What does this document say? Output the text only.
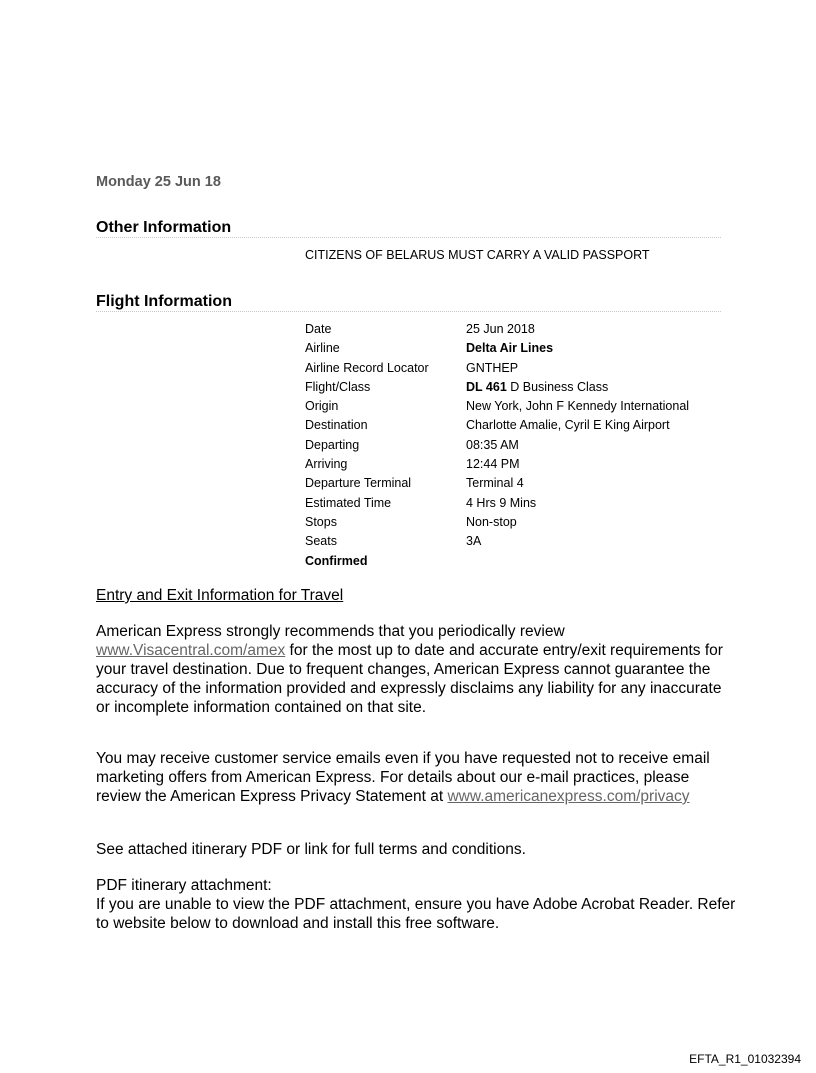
Monday 25 Jun 18
Other Information
CITIZENS OF BELARUS MUST CARRY A VALID PASSPORT
Flight Information
Date	25 Jun 2018
Airline	Delta Air Lines
Airline Record Locator	GNTHEP
Flight/Class	DL 461 D Business Class
Origin	New York, John F Kennedy International
Destination	Charlotte Amalie, Cyril E King Airport
Departing	08:35 AM
Arriving	12:44 PM
Departure Terminal	Terminal 4
Estimated Time	4 Hrs 9 Mins
Stops	Non-stop
Seats	3A
Confirmed
Entry and Exit Information for Travel

American Express strongly recommends that you periodically review www.Visacentral.com/amex for the most up to date and accurate entry/exit requirements for your travel destination. Due to frequent changes, American Express cannot guarantee the accuracy of the information provided and expressly disclaims any liability for any inaccurate or incomplete information contained on that site.

You may receive customer service emails even if you have requested not to receive email marketing offers from American Express. For details about our e-mail practices, please review the American Express Privacy Statement at www.americanexpress.com/privacy

See attached itinerary PDF or link for full terms and conditions.

PDF itinerary attachment:
If you are unable to view the PDF attachment, ensure you have Adobe Acrobat Reader. Refer to website below to download and install this free software.

EFTA_R1_01032394
